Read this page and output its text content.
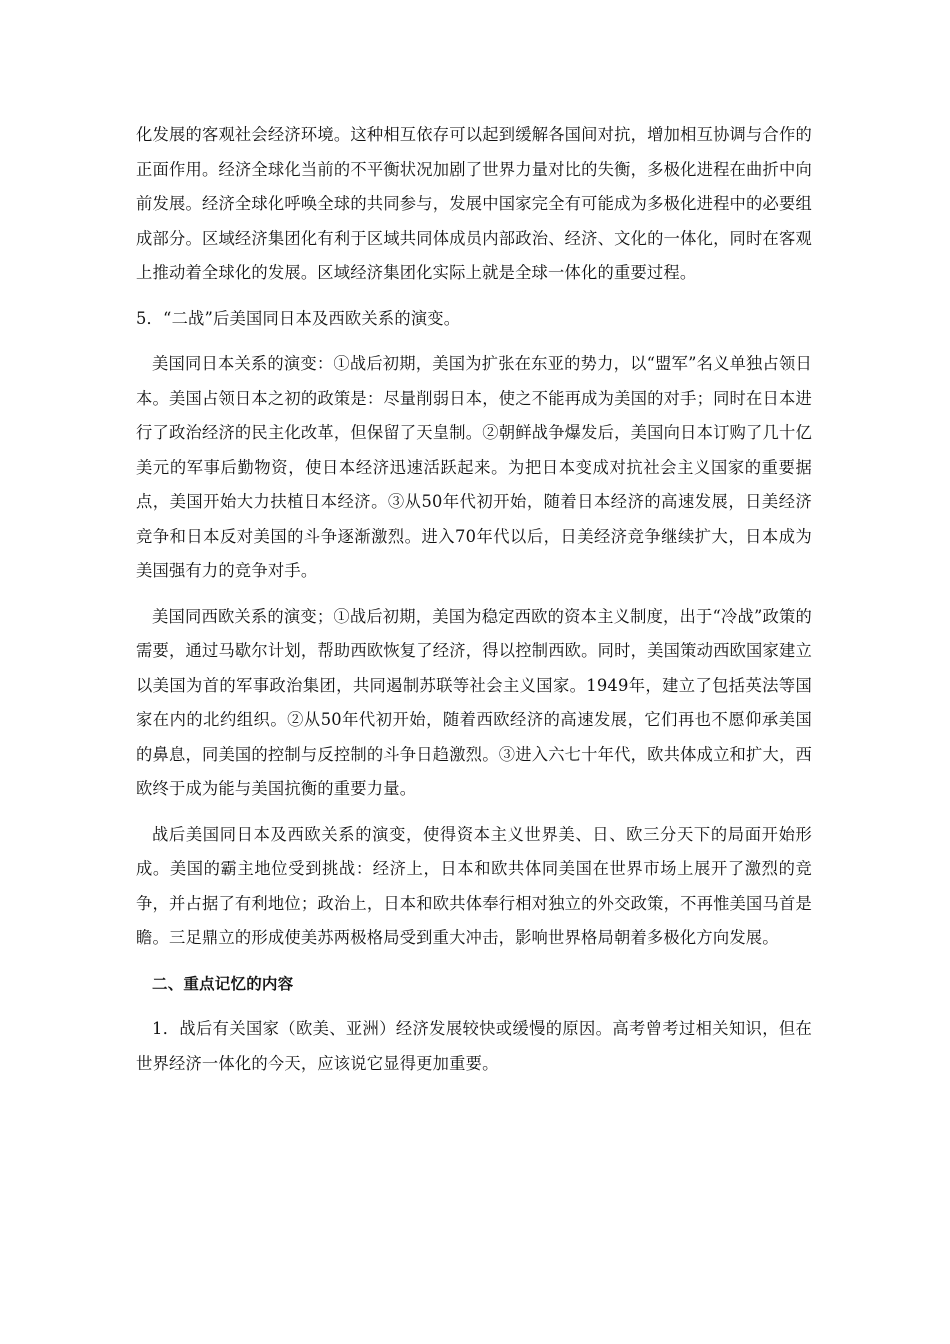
化发展的客观社会经济环境。这种相互依存可以起到缓解各国间对抗，增加相互协调与合作的正面作用。经济全球化当前的不平衡状况加剧了世界力量对比的失衡，多极化进程在曲折中向前发展。经济全球化呼唤全球的共同参与，发展中国家完全有可能成为多极化进程中的必要组成部分。区域经济集团化有利于区域共同体成员内部政治、经济、文化的一体化，同时在客观上推动着全球化的发展。区域经济集团化实际上就是全球一体化的重要过程。

5．“二战”后美国同日本及西欧关系的演变。

美国同日本关系的演变：①战后初期，美国为扩张在东亚的势力，以“盟军”名义单独占领日本。美国占领日本之初的政策是：尽量削弱日本，使之不能再成为美国的对手；同时在日本进行了政治经济的民主化改革，但保留了天皇制。②朝鲜战争爆发后，美国向日本订购了几十亿美元的军事后勤物资，使日本经济迅速活跃起来。为把日本变成对抗社会主义国家的重要据点，美国开始大力扶植日本经济。③从50年代初开始，随着日本经济的高速发展，日美经济竞争和日本反对美国的斗争逐渐激烈。进入70年代以后，日美经济竞争继续扩大，日本成为美国强有力的竞争对手。

美国同西欧关系的演变；①战后初期，美国为稳定西欧的资本主义制度，出于“冷战”政策的需要，通过马歇尔计划，帮助西欧恢复了经济，得以控制西欧。同时，美国策动西欧国家建立以美国为首的军事政治集团，共同遏制苏联等社会主义国家。1949年，建立了包括英法等国家在内的北约组织。②从50年代初开始，随着西欧经济的高速发展，它们再也不愿仰承美国的鼻息，同美国的控制与反控制的斗争日趋激烈。③进入六七十年代，欧共体成立和扩大，西欧终于成为能与美国抗衡的重要力量。

战后美国同日本及西欧关系的演变，使得资本主义世界美、日、欧三分天下的局面开始形成。美国的霸主地位受到挑战：经济上，日本和欧共体同美国在世界市场上展开了激烈的竞争，并占据了有利地位；政治上，日本和欧共体奉行相对独立的外交政策，不再惟美国马首是瞻。三足鼎立的形成使美苏两极格局受到重大冲击，影响世界格局朝着多极化方向发展。

二、重点记忆的内容

1．战后有关国家（欧美、亚洲）经济发展较快或缓慢的原因。高考曾考过相关知识，但在世界经济一体化的今天，应该说它显得更加重要。
